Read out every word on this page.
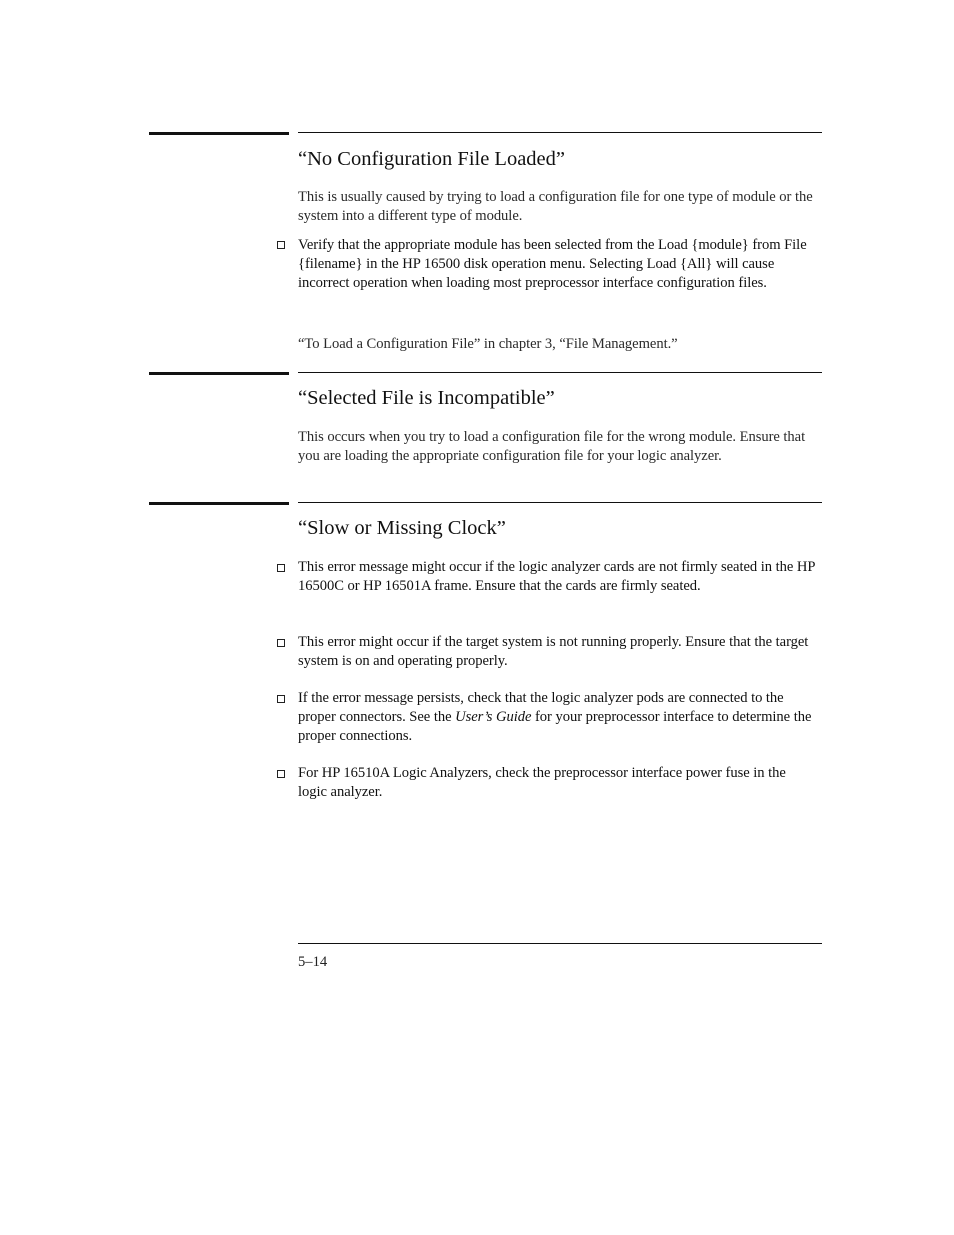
“No Configuration File Loaded”

This is usually caused by trying to load a configuration file for one type of module or the system into a different type of module.

Verify that the appropriate module has been selected from the Load {module} from File {filename} in the HP 16500 disk operation menu. Selecting Load {All} will cause incorrect operation when loading most preprocessor interface configuration files.

“To Load a Configuration File” in chapter 3, “File Management.”

“Selected File is Incompatible”

This occurs when you try to load a configuration file for the wrong module. Ensure that you are loading the appropriate configuration file for your logic analyzer.

“Slow or Missing Clock”

This error message might occur if the logic analyzer cards are not firmly seated in the HP 16500C or HP 16501A frame. Ensure that the cards are firmly seated.

This error might occur if the target system is not running properly. Ensure that the target system is on and operating properly.

If the error message persists, check that the logic analyzer pods are connected to the proper connectors. See the User’s Guide for your preprocessor interface to determine the proper connections.

For HP 16510A Logic Analyzers, check the preprocessor interface power fuse in the logic analyzer.

5–14
